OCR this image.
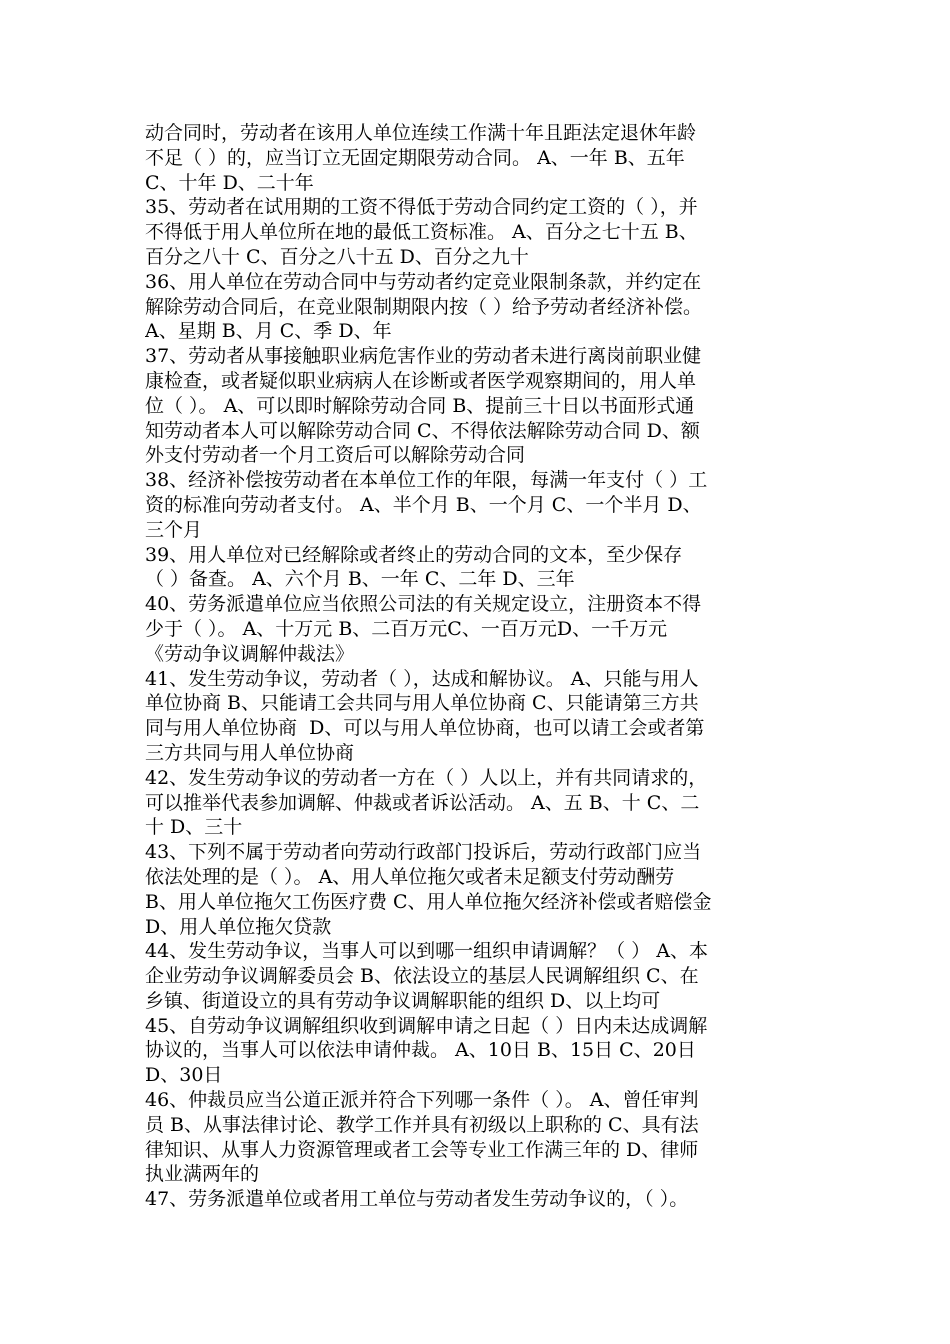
动合同时，劳动者在该用人单位连续工作满十年且距法定退休年龄
不足（ ）的，应当订立无固定期限劳动合同。 A、一年 B、五年
C、十年 D、二十年
35、劳动者在试用期的工资不得低于劳动合同约定工资的（ ），并
不得低于用人单位所在地的最低工资标准。 A、百分之七十五 B、
百分之八十 C、百分之八十五 D、百分之九十
36、用人单位在劳动合同中与劳动者约定竞业限制条款，并约定在
解除劳动合同后，在竞业限制期限内按（ ）给予劳动者经济补偿。
A、星期 B、月 C、季 D、年
37、劳动者从事接触职业病危害作业的劳动者未进行离岗前职业健
康检查，或者疑似职业病病人在诊断或者医学观察期间的，用人单
位（ ）。 A、可以即时解除劳动合同 B、提前三十日以书面形式通
知劳动者本人可以解除劳动合同 C、不得依法解除劳动合同 D、额
外支付劳动者一个月工资后可以解除劳动合同
38、经济补偿按劳动者在本单位工作的年限，每满一年支付（ ）工
资的标准向劳动者支付。 A、半个月 B、一个月 C、一个半月 D、
三个月
39、用人单位对已经解除或者终止的劳动合同的文本，至少保存
（ ）备查。 A、六个月 B、一年 C、二年 D、三年
40、劳务派遣单位应当依照公司法的有关规定设立，注册资本不得
少于（ ）。 A、十万元 B、二百万元C、一百万元D、一千万元
《劳动争议调解仲裁法》
41、发生劳动争议，劳动者（ ），达成和解协议。 A、只能与用人
单位协商 B、只能请工会共同与用人单位协商 C、只能请第三方共
同与用人单位协商  D、可以与用人单位协商，也可以请工会或者第
三方共同与用人单位协商
42、发生劳动争议的劳动者一方在（ ）人以上，并有共同请求的，
可以推举代表参加调解、仲裁或者诉讼活动。 A、五 B、十 C、二
十 D、三十
43、下列不属于劳动者向劳动行政部门投诉后，劳动行政部门应当
依法处理的是（ ）。 A、用人单位拖欠或者未足额支付劳动酬劳
B、用人单位拖欠工伤医疗费 C、用人单位拖欠经济补偿或者赔偿金
D、用人单位拖欠贷款
44、发生劳动争议，当事人可以到哪一组织申请调解？（ ） A、本
企业劳动争议调解委员会 B、依法设立的基层人民调解组织 C、在
乡镇、街道设立的具有劳动争议调解职能的组织 D、以上均可
45、自劳动争议调解组织收到调解申请之日起（ ）日内未达成调解
协议的，当事人可以依法申请仲裁。 A、10日 B、15日 C、20日
D、30日
46、仲裁员应当公道正派并符合下列哪一条件（ ）。 A、曾任审判
员 B、从事法律讨论、教学工作并具有初级以上职称的 C、具有法
律知识、从事人力资源管理或者工会等专业工作满三年的 D、律师
执业满两年的
47、劳务派遣单位或者用工单位与劳动者发生劳动争议的，（ ）。
